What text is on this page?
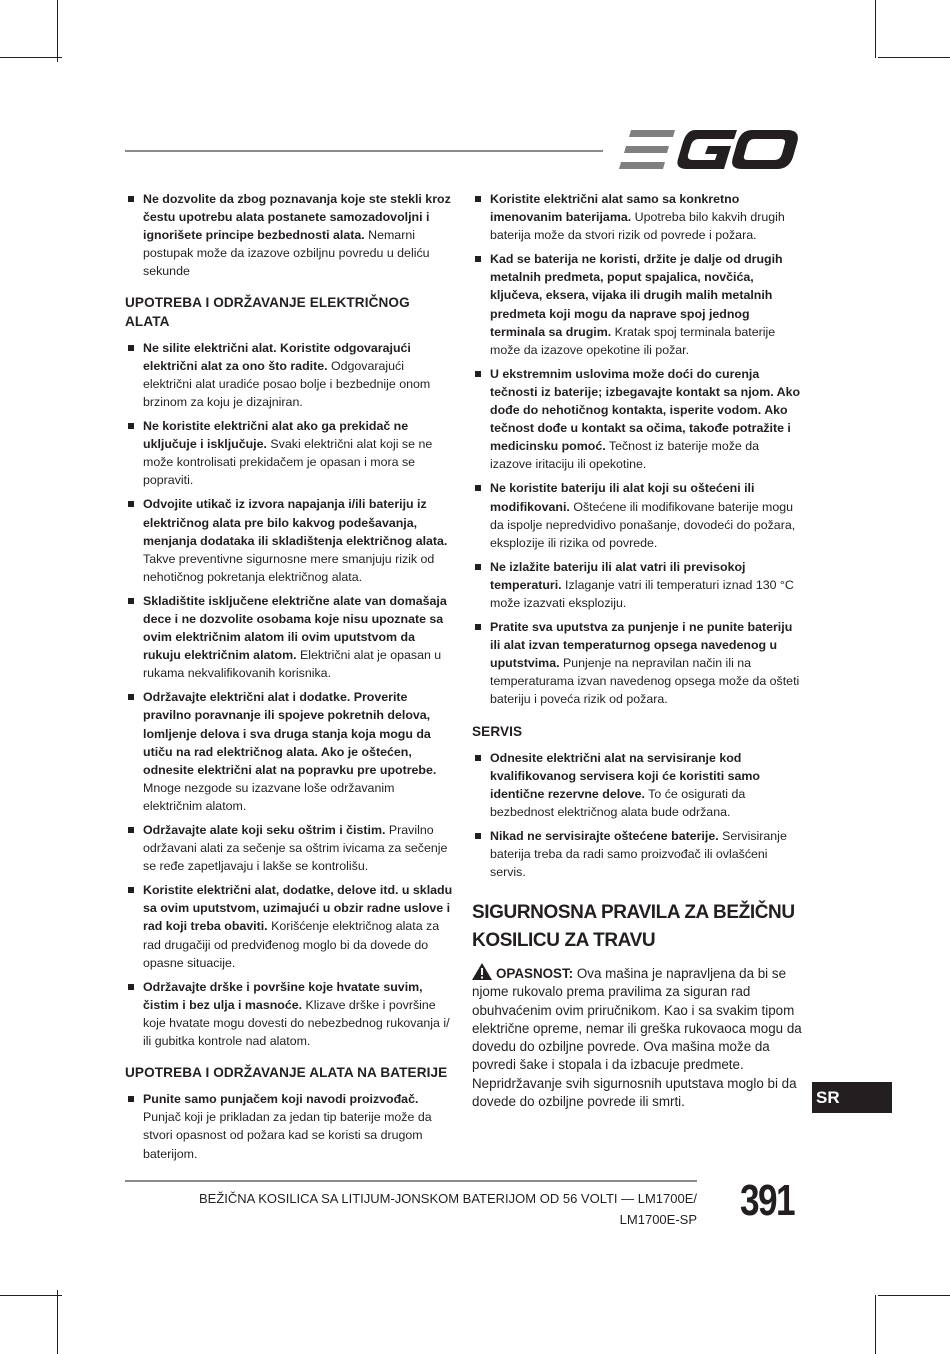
Ne dozvolite da zbog poznavanja koje ste stekli kroz čestu upotrebu alata postanete samozadovoljni i ignorišete principe bezbednosti alata. Nemarni postupak može da izazove ozbiljnu povredu u deliću sekunde
UPOTREBA I ODRŽAVANJE ELEKTRIČNOG ALATA
Ne silite električni alat. Koristite odgovarajući električni alat za ono što radite. Odgovarajući električni alat uradiće posao bolje i bezbednije onom brzinom za koju je dizajniran.
Ne koristite električni alat ako ga prekidač ne uključuje i isključuje. Svaki električni alat koji se ne može kontrolisati prekidačem je opasan i mora se popraviti.
Odvojite utikač iz izvora napajanja i/ili bateriju iz električnog alata pre bilo kakvog podešavanja, menjanja dodataka ili skladištenja električnog alata. Takve preventivne sigurnosne mere smanjuju rizik od nehotičnog pokretanja električnog alata.
Skladištite isključene električne alate van domašaja dece i ne dozvolite osobama koje nisu upoznate sa ovim električnim alatom ili ovim uputstvom da rukuju električnim alatom. Električni alat je opasan u rukama nekvalifikovanih korisnika.
Održavajte električni alat i dodatke. Proverite pravilno poravnanje ili spojeve pokretnih delova, lomljenje delova i sva druga stanja koja mogu da utiču na rad električnog alata. Ako je oštećen, odnesite električni alat na popravku pre upotrebe. Mnoge nezgode su izazvane loše održavanim električnim alatom.
Održavajte alate koji seku oštrim i čistim. Pravilno održavani alati za sečenje sa oštrim ivicama za sečenje se ređe zapetljavaju i lakše se kontrolišu.
Koristite električni alat, dodatke, delove itd. u skladu sa ovim uputstvom, uzimajući u obzir radne uslove i rad koji treba obaviti. Korišćenje električnog alata za rad drugačiji od predviđenog moglo bi da dovede do opasne situacije.
Održavajte drške i površine koje hvatate suvim, čistim i bez ulja i masnoće. Klizave drške i površine koje hvatate mogu dovesti do nebezbednog rukovanja i/ ili gubitka kontrole nad alatom.
UPOTREBA I ODRŽAVANJE ALATA NA BATERIJE
Punite samo punjačem koji navodi proizvođač. Punjač koji je prikladan za jedan tip baterije može da stvori opasnost od požara kad se koristi sa drugom baterijom.
Koristite električni alat samo sa konkretno imenovanim baterijama. Upotreba bilo kakvih drugih baterija može da stvori rizik od povrede i požara.
Kad se baterija ne koristi, držite je dalje od drugih metalnih predmeta, poput spajalica, novčića, ključeva, eksera, vijaka ili drugih malih metalnih predmeta koji mogu da naprave spoj jednog terminala sa drugim. Kratak spoj terminala baterije može da izazove opekotine ili požar.
U ekstremnim uslovima može doći do curenja tečnosti iz baterije; izbegavajte kontakt sa njom. Ako dođe do nehotičnog kontakta, isperite vodom. Ako tečnost dođe u kontakt sa očima, takođe potražite i medicinsku pomoć. Tečnost iz baterije može da izazove iritaciju ili opekotine.
Ne koristite bateriju ili alat koji su oštećeni ili modifikovani. Oštećene ili modifikovane baterije mogu da ispolje nepredvidivo ponašanje, dovodeći do požara, eksplozije ili rizika od povrede.
Ne izlažite bateriju ili alat vatri ili previsokoj temperaturi. Izlaganje vatri ili temperaturi iznad 130 °C može izazvati eksploziju.
Pratite sva uputstva za punjenje i ne punite bateriju ili alat izvan temperaturnog opsega navedenog u uputstvima. Punjenje na nepravilan način ili na temperaturama izvan navedenog opsega može da ošteti bateriju i poveća rizik od požara.
SERVIS
Odnesite električni alat na servisiranje kod kvalifikovanog servisera koji će koristiti samo identične rezervne delove. To će osigurati da bezbednost električnog alata bude održana.
Nikad ne servisirajte oštećene baterije. Servisiranje baterija treba da radi samo proizvođač ili ovlašćeni servis.
SIGURNOSNA PRAVILA ZA BEŽIČNU KOSILICU ZA TRAVU
OPASNOST: Ova mašina je napravljena da bi se njome rukovalo prema pravilima za siguran rad obuhvaćenim ovim priručnikom. Kao i sa svakim tipom električne opreme, nemar ili greška rukovaoca mogu da dovedu do ozbiljne povrede. Ova mašina može da povredi šake i stopala i da izbacuje predmete. Nepridržavanje svih sigurnosnih uputstava moglo bi da dovede do ozbiljne povrede ili smrti.	SR
BEŽIČNA KOSILICA SA LITIJUM-JONSKOM BATERIJOM OD 56 VOLTI — LM1700E/
LM1700E-SP 391
